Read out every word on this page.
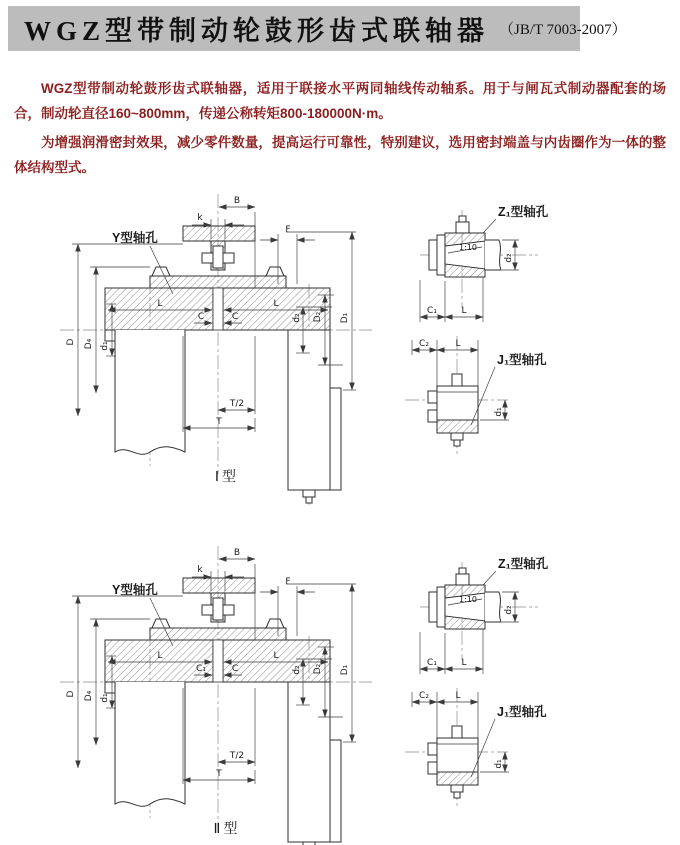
WGZ型带制动轮鼓形齿式联轴器 （JB/T 7003-2007）

WGZ型带制动轮鼓形齿式联轴器，适用于联接水平两同轴线传动轴系。用于与闸瓦式制动器配套的场合，制动轮直径160~800mm，传递公称转矩800-180000N·m。

为增强润滑密封效果，减少零件数量，提高运行可靠性，特别建议，选用密封端盖与内齿圈作为一体的整体结构型式。

B
k
F
Y型轴孔
D D₄ d₁
d₂ D₂ D₁
L	L
C	C
T/2
T
Ⅰ型
1:10
d₂
Z₁型轴孔
C₁	L
C₂	L
d₁
J₁型轴孔
B
k
F
Y型轴孔
D D₄ d₁
d₂ D₂ D₁
L	L
C₁	C
T/2
T
Ⅱ型
1:10
d₂
Z₁型轴孔
C₁	L
C₂	L
d₁
J₁型轴孔
